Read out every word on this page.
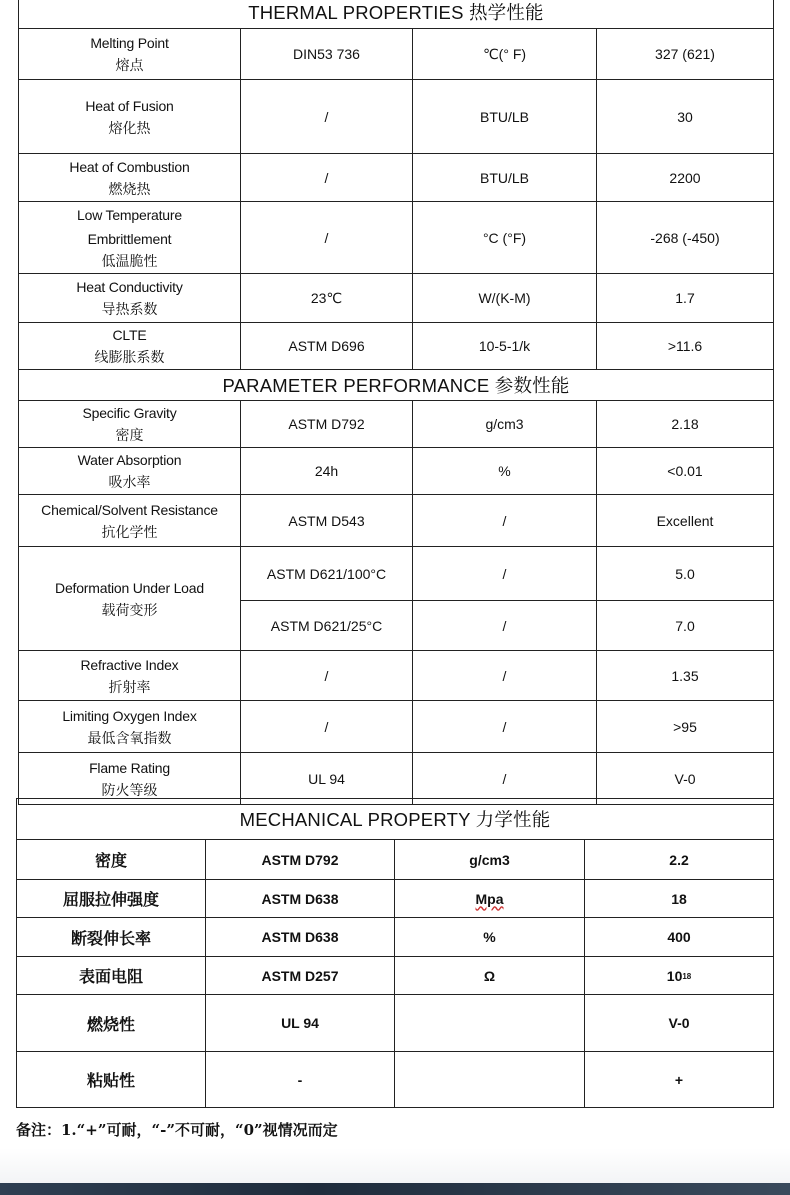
THERMAL PROPERTIES 热学性能			

Melting Point
熔点	DIN53 736	℃(° F)	327 (621)

Heat of Fusion
熔化热	/	BTU/LB	30

Heat of Combustion
燃烧热	/	BTU/LB	2200

Low Temperature
Embrittlement
低温脆性	/	°C (°F)	-268 (-450)

Heat Conductivity
导热系数	23℃	W/(K-M)	1.7

CLTE
线膨胀系数	ASTM D696	10-5-1/k	>11.6
PARAMETER PERFORMANCE 参数性能			

Specific Gravity
密度	ASTM D792	g/cm3	2.18

Water Absorption
吸水率	24h	%	<0.01

Chemical/Solvent Resistance
抗化学性	ASTM D543	/	Excellent

Deformation Under Load
载荷变形	ASTM D621/100°C	/	5.0
	ASTM D621/25°C	/	7.0

Refractive Index
折射率	/	/	1.35

Limiting Oxygen Index
最低含氧指数	/	/	>95

Flame Rating
防火等级	UL 94	/	V-0
MECHANICAL PROPERTY 力学性能			
密度	ASTM D792	g/cm3	2.2
屈服拉伸强度	ASTM D638	Mpa	18
断裂伸长率	ASTM D638	%	400
表面电阻	ASTM D257	Ω	$10^{18}$
燃烧性	UL 94		V-0
粘贴性	-		+
备注：1.“+”可耐，“-”不可耐，“0”视情况而定
